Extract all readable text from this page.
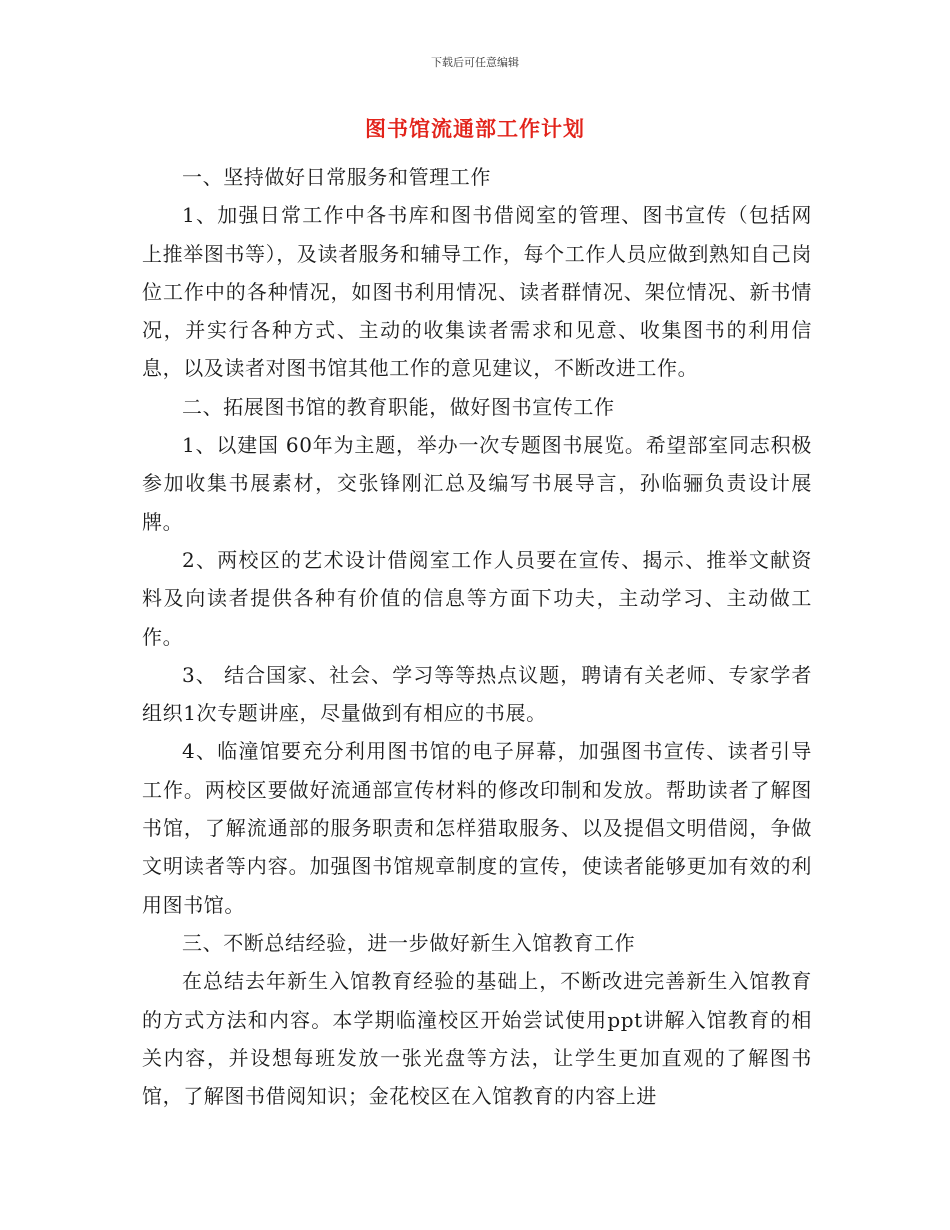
下载后可任意编辑
图书馆流通部工作计划

一、坚持做好日常服务和管理工作

1、加强日常工作中各书库和图书借阅室的管理、图书宣传（包括网上推举图书等），及读者服务和辅导工作，每个工作人员应做到熟知自己岗位工作中的各种情况，如图书利用情况、读者群情况、架位情况、新书情况，并实行各种方式、主动的收集读者需求和见意、收集图书的利用信息，以及读者对图书馆其他工作的意见建议，不断改进工作。

二、拓展图书馆的教育职能，做好图书宣传工作

1、以建国 60年为主题，举办一次专题图书展览。希望部室同志积极参加收集书展素材，交张锋刚汇总及编写书展导言，孙临骊负责设计展牌。

2、两校区的艺术设计借阅室工作人员要在宣传、揭示、推举文献资料及向读者提供各种有价值的信息等方面下功夫，主动学习、主动做工作。

3、 结合国家、社会、学习等等热点议题，聘请有关老师、专家学者组织1次专题讲座，尽量做到有相应的书展。

4、临潼馆要充分利用图书馆的电子屏幕，加强图书宣传、读者引导工作。两校区要做好流通部宣传材料的修改印制和发放。帮助读者了解图书馆，了解流通部的服务职责和怎样猎取服务、以及提倡文明借阅，争做文明读者等内容。加强图书馆规章制度的宣传，使读者能够更加有效的利用图书馆。

三、不断总结经验，进一步做好新生入馆教育工作

在总结去年新生入馆教育经验的基础上，不断改进完善新生入馆教育的方式方法和内容。本学期临潼校区开始尝试使用ppt讲解入馆教育的相关内容，并设想每班发放一张光盘等方法，让学生更加直观的了解图书馆，了解图书借阅知识；金花校区在入馆教育的内容上进
